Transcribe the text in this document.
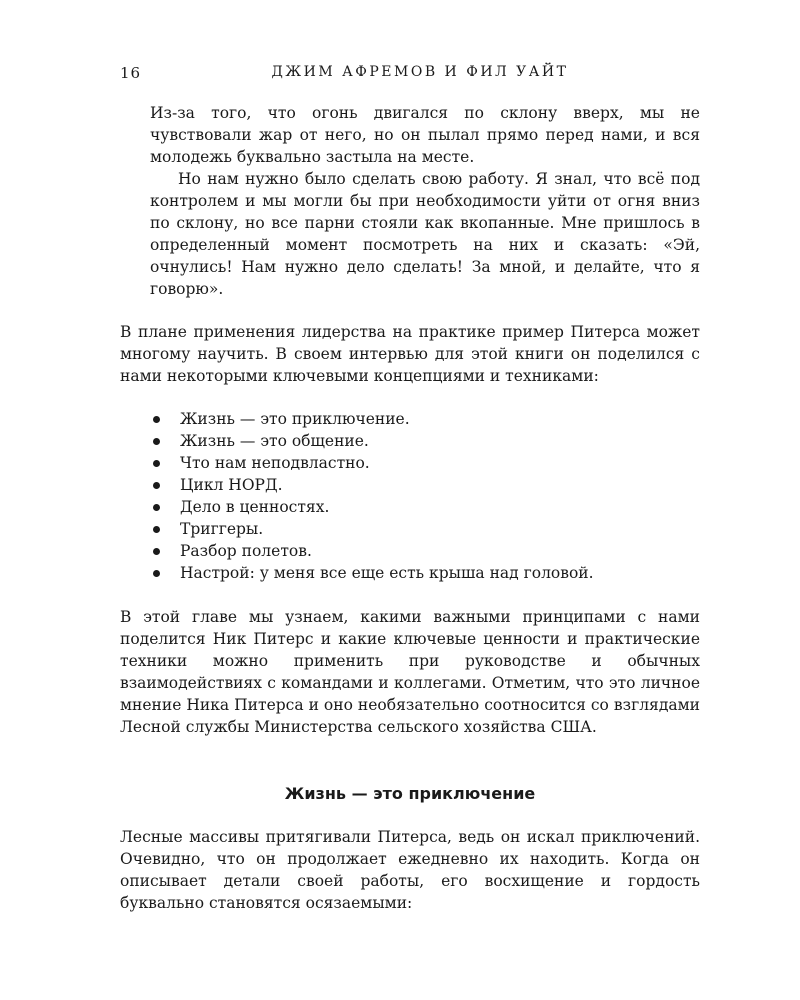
16	ДЖИМ АФРЕМОВ И ФИЛ УАЙТ

Из-за того, что огонь двигался по склону вверх, мы не чувствовали жар от него, но он пылал прямо перед нами, и вся молодежь буквально застыла на месте.

Но нам нужно было сделать свою работу. Я знал, что всё под контролем и мы могли бы при необходимости уйти от огня вниз по склону, но все парни стояли как вкопанные. Мне пришлось в определенный момент посмотреть на них и сказать: «Эй, очнулись! Нам нужно дело сделать! За мной, и делайте, что я говорю».

В плане применения лидерства на практике пример Питерса может многому научить. В своем интервью для этой книги он поделился с нами некоторыми ключевыми концепциями и техниками:

Жизнь — это приключение.
Жизнь — это общение.
Что нам неподвластно.
Цикл НОРД.
Дело в ценностях.
Триггеры.
Разбор полетов.
Настрой: у меня все еще есть крыша над головой.

В этой главе мы узнаем, какими важными принципами с нами поделится Ник Питерс и какие ключевые ценности и практические техники можно применить при руководстве и обычных взаимодействиях с командами и коллегами. Отметим, что это личное мнение Ника Питерса и оно необязательно соотносится со взглядами Лесной службы Министерства сельского хозяйства США.

Жизнь — это приключение

Лесные массивы притягивали Питерса, ведь он искал приключений. Очевидно, что он продолжает ежедневно их находить. Когда он описывает детали своей работы, его восхищение и гордость буквально становятся осязаемыми:
